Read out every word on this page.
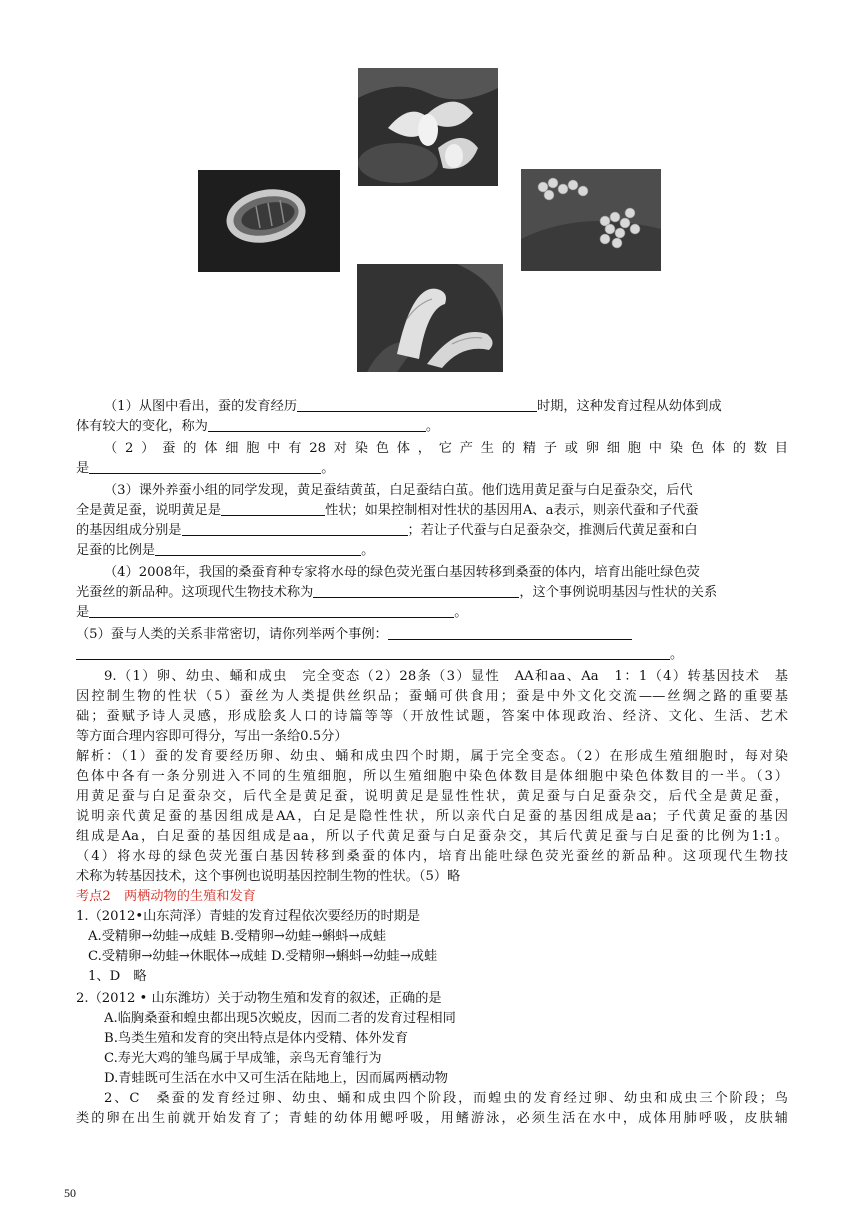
（1）从图中看出，蚕的发育经历	时期，这种发育过程从幼体到成
体有较大的变化，称为	。
（2）蚕的体细胞中有28对染色体，它产生的精子或卵细胞中染色体的数目
是	。
（3）课外养蚕小组的同学发现，黄足蚕结黄茧，白足蚕结白茧。他们选用黄足蚕与白足蚕杂交，后代
全是黄足蚕，说明黄足是	性状；如果控制相对性状的基因用A、a表示，则亲代蚕和子代蚕
的基因组成分别是	；若让子代蚕与白足蚕杂交，推测后代黄足蚕和白
足蚕的比例是	。
（4）2008年，我国的桑蚕育种专家将水母的绿色荧光蛋白基因转移到桑蚕的体内，培育出能吐绿色荧
光蚕丝的新品种。这项现代生物技术称为	，这个事例说明基因与性状的关系
是	。
（5）蚕与人类的关系非常密切，请你列举两个事例：
。
9.（1）卵、幼虫、蛹和成虫　完全变态（2）28条（3）显性　AA和aa、Aa　1：1（4）转基因技术　基
因控制生物的性状（5）蚕丝为人类提供丝织品；蚕蛹可供食用；蚕是中外文化交流——丝绸之路的重要基
础；蚕赋予诗人灵感，形成脍炙人口的诗篇等等（开放性试题，答案中体现政治、经济、文化、生活、艺术
等方面合理内容即可得分，写出一条给0.5分）
解析：（1）蚕的发育要经历卵、幼虫、蛹和成虫四个时期，属于完全变态。（2）在形成生殖细胞时，每对染
色体中各有一条分别进入不同的生殖细胞，所以生殖细胞中染色体数目是体细胞中染色体数目的一半。（3）
用黄足蚕与白足蚕杂交，后代全是黄足蚕，说明黄足是显性性状，黄足蚕与白足蚕杂交，后代全是黄足蚕，
说明亲代黄足蚕的基因组成是AA，白足是隐性性状，所以亲代白足蚕的基因组成是aa；子代黄足蚕的基因
组成是Aa，白足蚕的基因组成是aa，所以子代黄足蚕与白足蚕杂交，其后代黄足蚕与白足蚕的比例为1:1。
（4）将水母的绿色荧光蛋白基因转移到桑蚕的体内，培育出能吐绿色荧光蚕丝的新品种。这项现代生物技
术称为转基因技术，这个事例也说明基因控制生物的性状。（5）略
考点2　两栖动物的生殖和发育
1.（2012•山东菏泽）青蛙的发育过程依次要经历的时期是
A.受精卵→幼蛙→成蛙 B.受精卵→幼蛙→蝌蚪→成蛙
C.受精卵→幼蛙→休眠体→成蛙 D.受精卵→蝌蚪→幼蛙→成蛙
1、D　略
2.（2012 • 山东潍坊）关于动物生殖和发育的叙述，正确的是
A.临胸桑蚕和蝗虫都出现5次蜕皮，因而二者的发育过程相同
B.鸟类生殖和发育的突出特点是体内受精、体外发育
C.寿光大鸡的雏鸟属于早成雏，亲鸟无育雏行为
D.青蛙既可生活在水中又可生活在陆地上，因而属两栖动物
2、C　桑蚕的发育经过卵、幼虫、蛹和成虫四个阶段，而蝗虫的发育经过卵、幼虫和成虫三个阶段；鸟
类的卵在出生前就开始发育了；青蛙的幼体用鳃呼吸，用鳍游泳，必须生活在水中，成体用肺呼吸，皮肤辅
50
